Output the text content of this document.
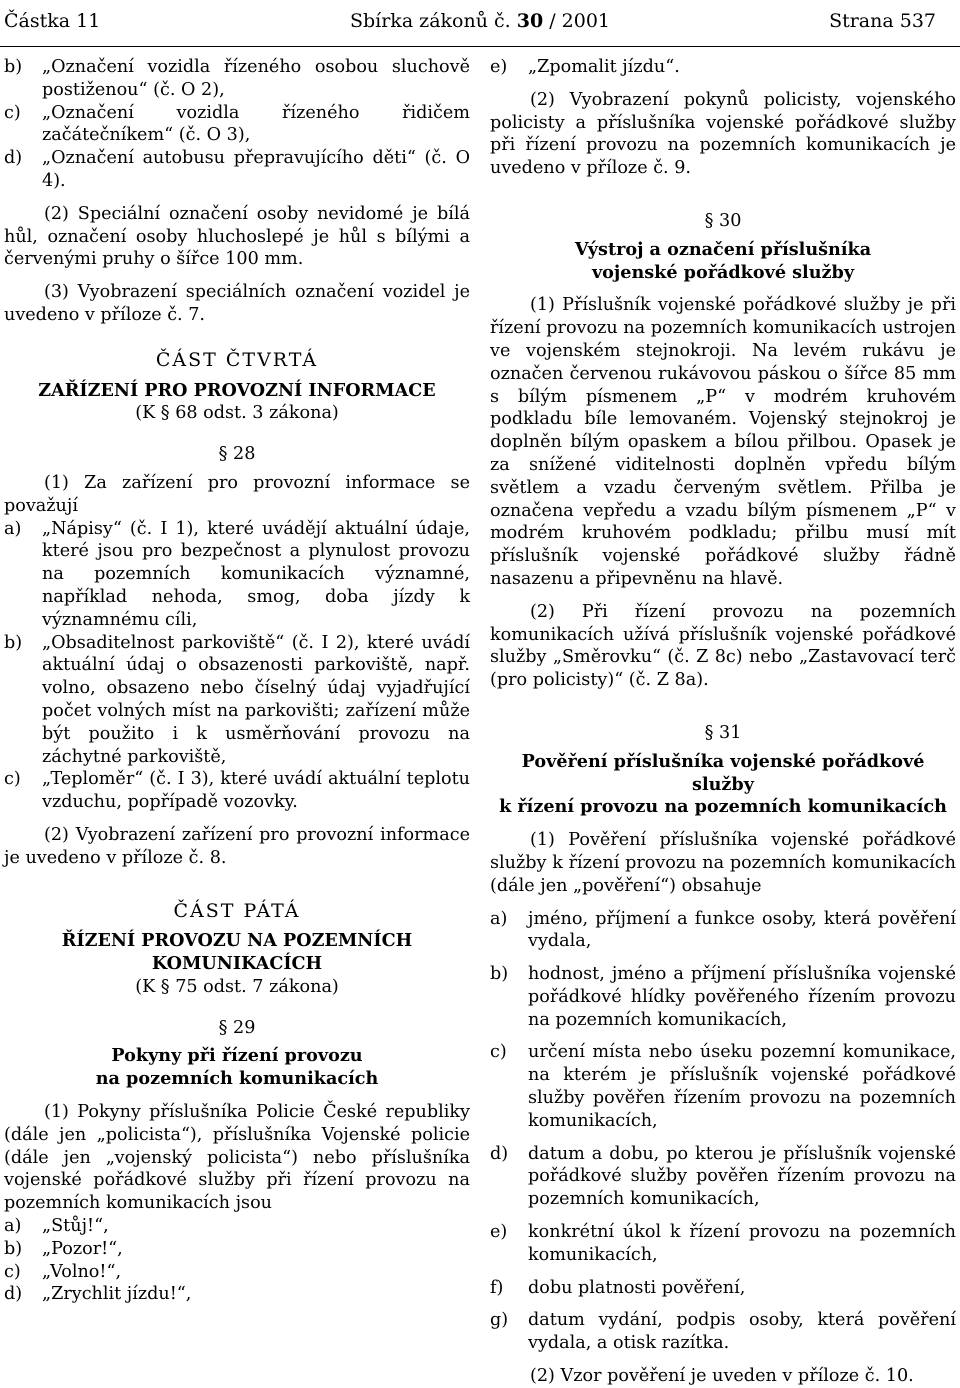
Částka 11	Sbírka zákonů č. 30 / 2001	Strana 537
b)	„Označení vozidla řízeného osobou sluchově postiženou“ (č. O 2),
c)	„Označení vozidla řízeného řidičem začátečníkem“ (č. O 3),
d)	„Označení autobusu přepravujícího děti“ (č. O 4).

(2) Speciální označení osoby nevidomé je bílá hůl, označení osoby hluchoslepé je hůl s bílými a červenými pruhy o šířce 100 mm.

(3) Vyobrazení speciálních označení vozidel je uvedeno v příloze č. 7.

ČÁST ČTVRTÁ
ZAŘÍZENÍ PRO PROVOZNÍ INFORMACE
(K § 68 odst. 3 zákona)
§ 28

(1) Za zařízení pro provozní informace se považují

a)	„Nápisy“ (č. I 1), které uvádějí aktuální údaje, které jsou pro bezpečnost a plynulost provozu na pozemních komunikacích významné, například nehoda, smog, doba jízdy k významnému cíli,
b)	„Obsaditelnost parkoviště“ (č. I 2), které uvádí aktuální údaj o obsazenosti parkoviště, např. volno, obsazeno nebo číselný údaj vyjadřující počet volných míst na parkovišti; zařízení může být použito i k usměrňování provozu na záchytné parkoviště,
c)	„Teploměr“ (č. I 3), které uvádí aktuální teplotu vzduchu, popřípadě vozovky.

(2) Vyobrazení zařízení pro provozní informace je uvedeno v příloze č. 8.

ČÁST PÁTÁ
ŘÍZENÍ PROVOZU NA POZEMNÍCH
KOMUNIKACÍCH
(K § 75 odst. 7 zákona)
§ 29
Pokyny při řízení provozu
na pozemních komunikacích

(1) Pokyny příslušníka Policie České republiky (dále jen „policista“), příslušníka Vojenské policie (dále jen „vojenský policista“) nebo příslušníka vojenské pořádkové služby při řízení provozu na pozemních komunikacích jsou

a)	„Stůj!“,
b)	„Pozor!“,
c)	„Volno!“,
d)	„Zrychlit jízdu!“,
e)	„Zpomalit jízdu“.

(2) Vyobrazení pokynů policisty, vojenského policisty a příslušníka vojenské pořádkové služby při řízení provozu na pozemních komunikacích je uvedeno v příloze č. 9.

§ 30
Výstroj a označení příslušníka
vojenské pořádkové služby

(1) Příslušník vojenské pořádkové služby je při řízení provozu na pozemních komunikacích ustrojen ve vojenském stejnokroji. Na levém rukávu je označen červenou rukávovou páskou o šířce 85 mm s bílým písmenem „P“ v modrém kruhovém podkladu bíle lemovaném. Vojenský stejnokroj je doplněn bílým opaskem a bílou přilbou. Opasek je za snížené viditelnosti doplněn vpředu bílým světlem a vzadu červeným světlem. Přilba je označena vepředu a vzadu bílým písmenem „P“ v modrém kruhovém podkladu; přilbu musí mít příslušník vojenské pořádkové služby řádně nasazenu a připevněnu na hlavě.

(2) Při řízení provozu na pozemních komunikacích užívá příslušník vojenské pořádkové služby „Směrovku“ (č. Z 8c) nebo „Zastavovací terč (pro policisty)“ (č. Z 8a).

§ 31
Pověření příslušníka vojenské pořádkové služby
k řízení provozu na pozemních komunikacích

(1) Pověření příslušníka vojenské pořádkové služby k řízení provozu na pozemních komunikacích (dále jen „pověření“) obsahuje

a)	jméno, příjmení a funkce osoby, která pověření vydala,
b)	hodnost, jméno a příjmení příslušníka vojenské pořádkové hlídky pověřeného řízením provozu na pozemních komunikacích,
c)	určení místa nebo úseku pozemní komunikace, na kterém je příslušník vojenské pořádkové služby pověřen řízením provozu na pozemních komunikacích,
d)	datum a dobu, po kterou je příslušník vojenské pořádkové služby pověřen řízením provozu na pozemních komunikacích,
e)	konkrétní úkol k řízení provozu na pozemních komunikacích,
f)	dobu platnosti pověření,
g)	datum vydání, podpis osoby, která pověření vydala, a otisk razítka.

(2) Vzor pověření je uveden v příloze č. 10.
